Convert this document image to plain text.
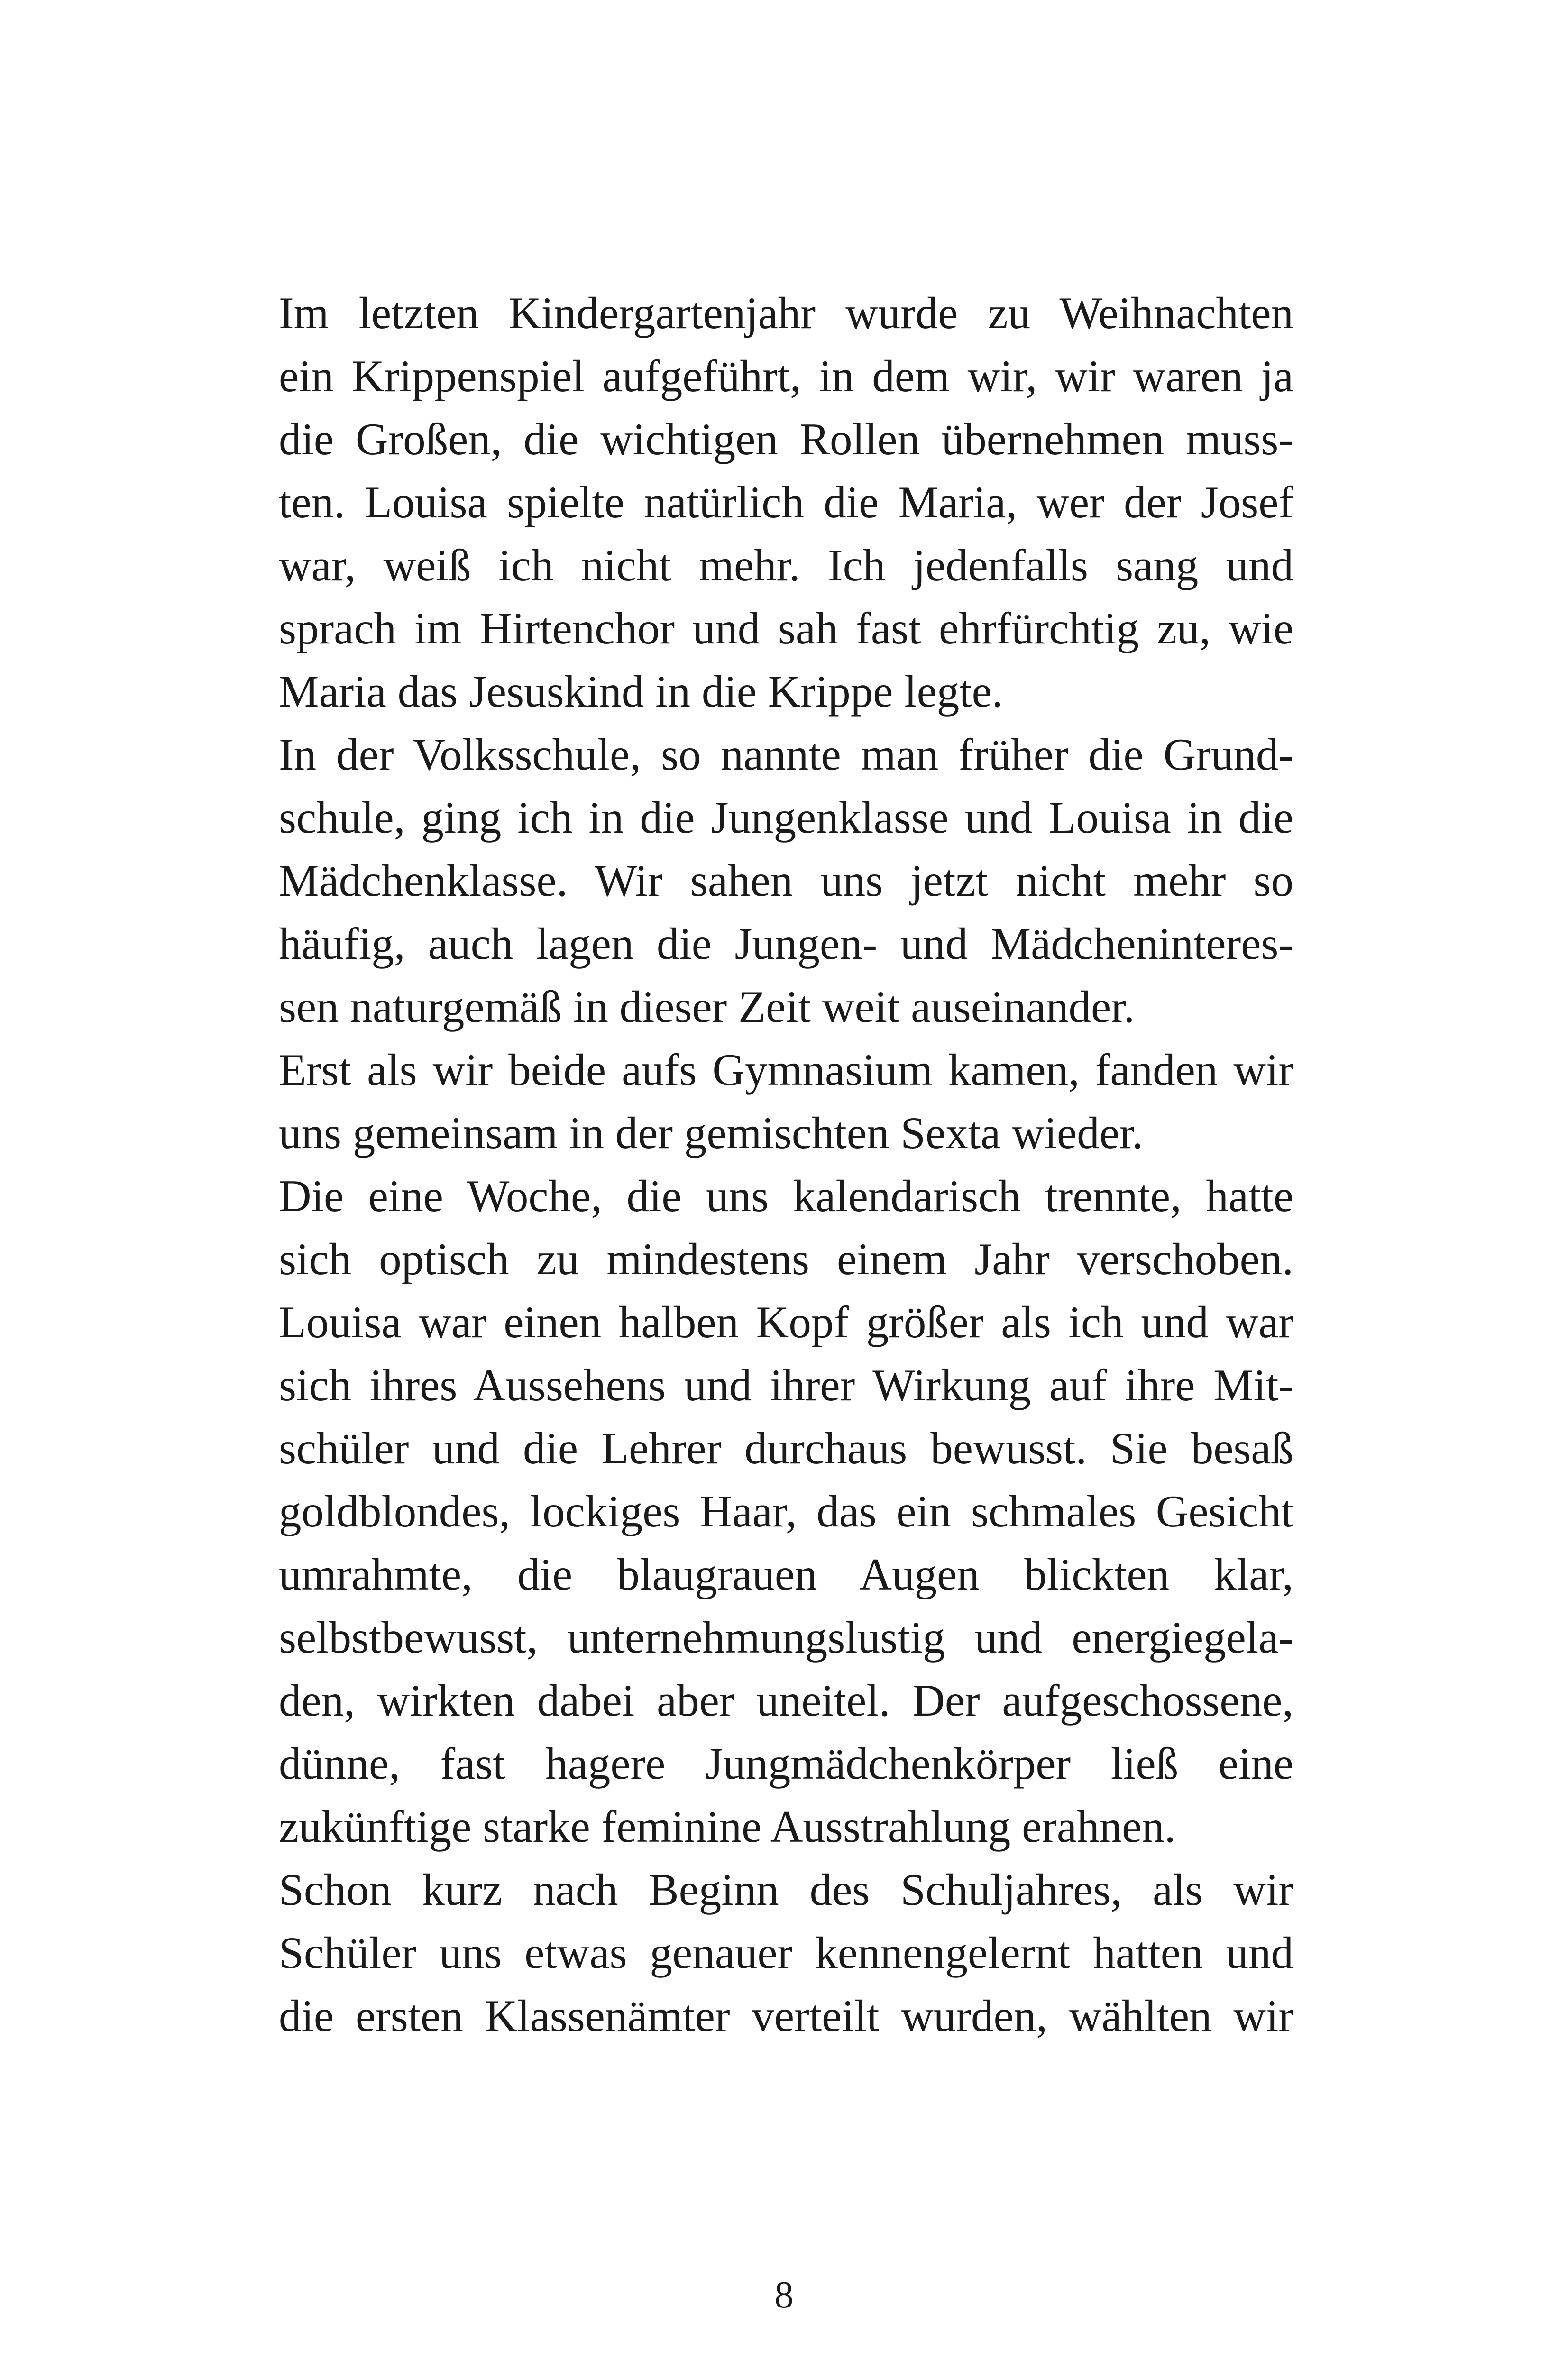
Im letzten Kindergartenjahr wurde zu Weihnachten
ein Krippenspiel aufgeführt, in dem wir, wir waren ja
die Großen, die wichtigen Rollen übernehmen muss-
ten. Louisa spielte natürlich die Maria, wer der Josef
war, weiß ich nicht mehr. Ich jedenfalls sang und
sprach im Hirtenchor und sah fast ehrfürchtig zu, wie
Maria das Jesuskind in die Krippe legte.
In der Volksschule, so nannte man früher die Grund-
schule, ging ich in die Jungenklasse und Louisa in die
Mädchenklasse. Wir sahen uns jetzt nicht mehr so
häufig, auch lagen die Jungen- und Mädcheninteres-
sen naturgemäß in dieser Zeit weit auseinander.
Erst als wir beide aufs Gymnasium kamen, fanden wir
uns gemeinsam in der gemischten Sexta wieder.
Die eine Woche, die uns kalendarisch trennte, hatte
sich optisch zu mindestens einem Jahr verschoben.
Louisa war einen halben Kopf größer als ich und war
sich ihres Aussehens und ihrer Wirkung auf ihre Mit-
schüler und die Lehrer durchaus bewusst. Sie besaß
goldblondes, lockiges Haar, das ein schmales Gesicht
umrahmte, die blaugrauen Augen blickten klar,
selbstbewusst, unternehmungslustig und energiegela-
den, wirkten dabei aber uneitel. Der aufgeschossene,
dünne, fast hagere Jungmädchenkörper ließ eine
zukünftige starke feminine Ausstrahlung erahnen.
Schon kurz nach Beginn des Schuljahres, als wir
Schüler uns etwas genauer kennengelernt hatten und
die ersten Klassenämter verteilt wurden, wählten wir
8
